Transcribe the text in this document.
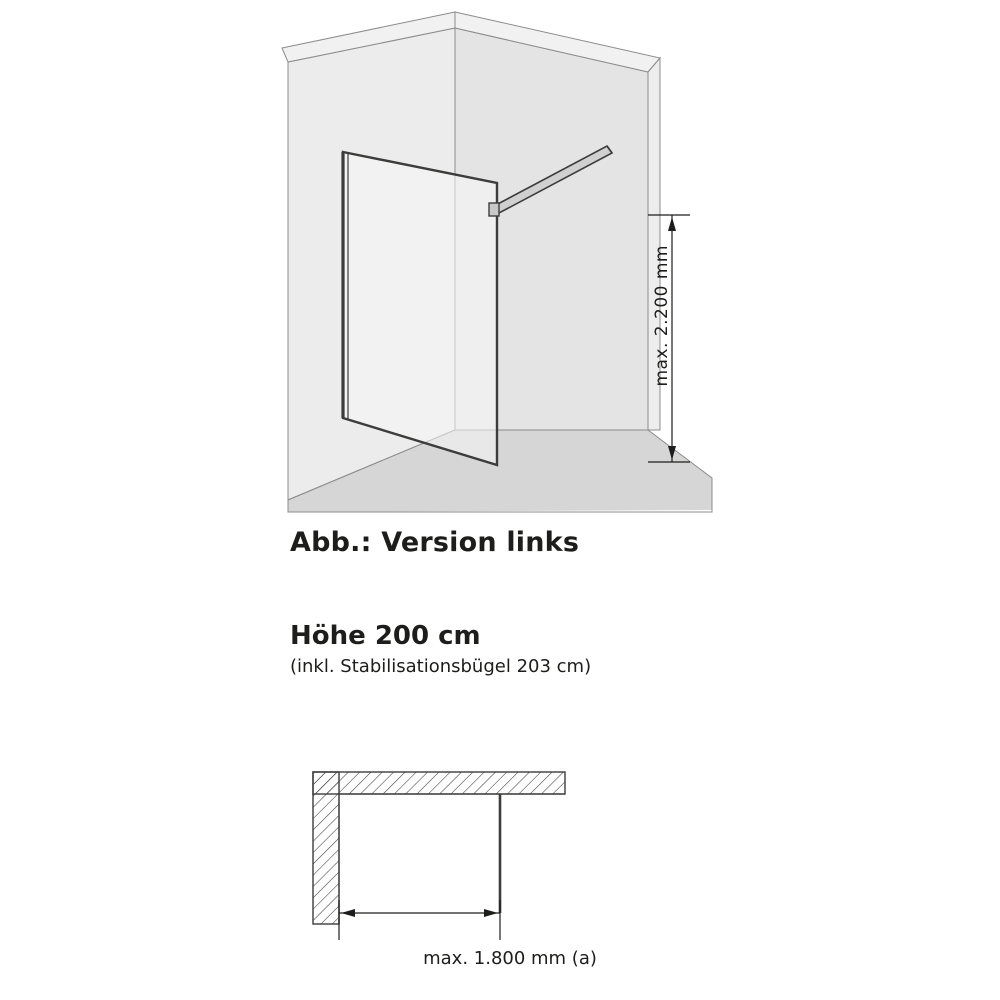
max. 2.200 mm
Abb.: Version links
Höhe 200 cm
(inkl. Stabilisationsbügel 203 cm)
max. 1.800 mm (a)
